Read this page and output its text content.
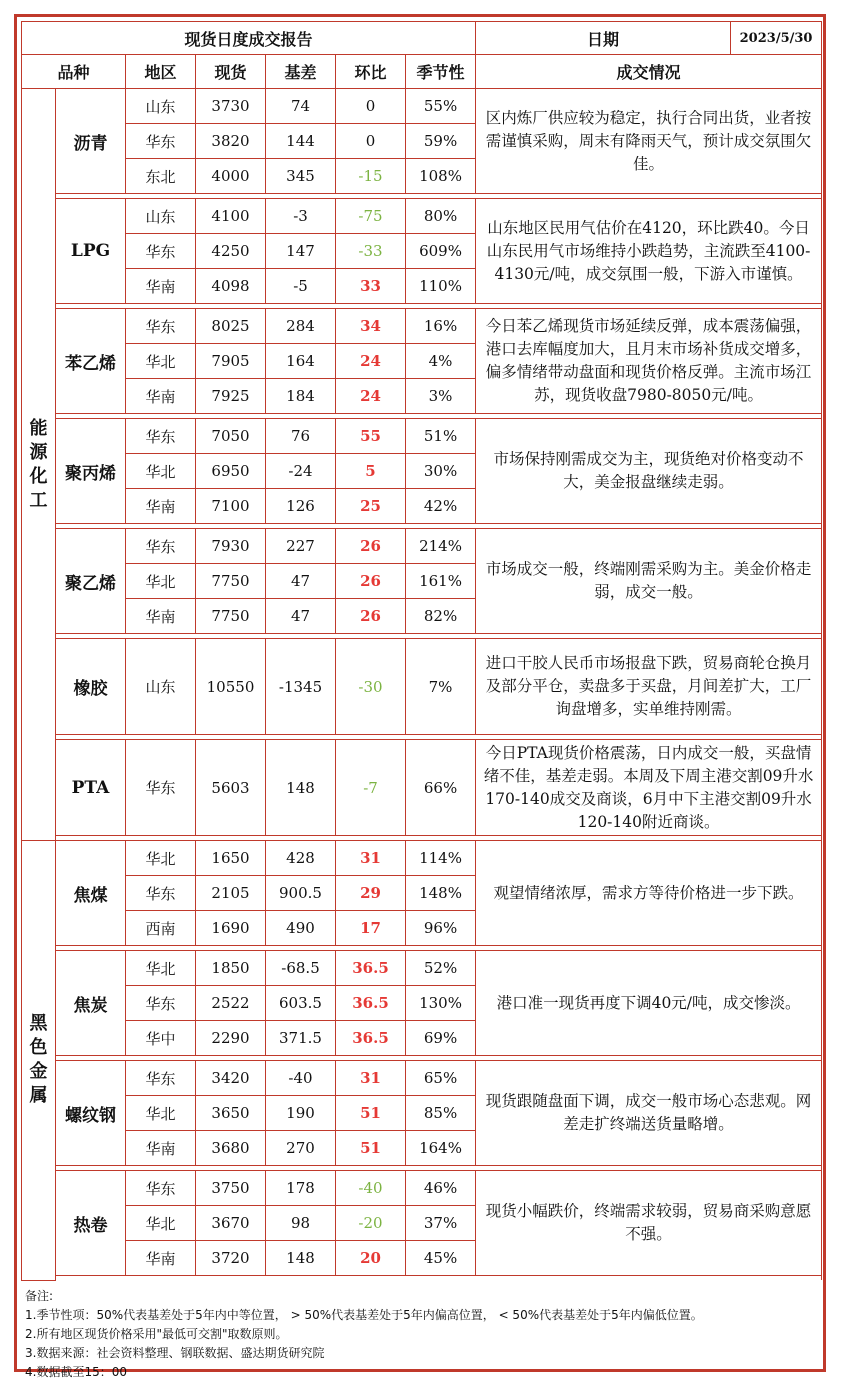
现货日度成交报告							日期 2023/5/30

品种		地区	现货	基差	环比	季节性	成交情况

能
源
化
工	沥青	山东	3730	74	0	55%	区内炼厂供应较为稳定，执行合同出货，业者按需谨慎采购，周末有降雨天气，预计成交氛围欠佳。
		华东	3820	144	0	59%	
		东北	4000	345	-15	108%	

	LPG	山东	4100	-3	-75	80%	山东地区民用气估价在4120，环比跌40。今日山东民用气市场维持小跌趋势，主流跌至4100-4130元/吨，成交氛围一般，下游入市谨慎。
		华东	4250	147	-33	609%	
		华南	4098	-5	33	110%	

	苯乙烯	华东	8025	284	34	16%	今日苯乙烯现货市场延续反弹，成本震荡偏强，港口去库幅度加大，且月末市场补货成交增多，偏多情绪带动盘面和现货价格反弹。主流市场江苏，现货收盘7980-8050元/吨。
		华北	7905	164	24	4%	
		华南	7925	184	24	3%	

	聚丙烯	华东	7050	76	55	51%	市场保持刚需成交为主，现货绝对价格变动不大，美金报盘继续走弱。
		华北	6950	-24	5	30%	
		华南	7100	126	25	42%	

	聚乙烯	华东	7930	227	26	214%	市场成交一般，终端刚需采购为主。美金价格走弱，成交一般。
		华北	7750	47	26	161%	
		华南	7750	47	26	82%	

	橡胶	山东	10550	-1345	-30	7%	进口干胶人民币市场报盘下跌，贸易商轮仓换月及部分平仓，卖盘多于买盘，月间差扩大，工厂询盘增多，实单维持刚需。

	PTA	华东	5603	148	-7	66%	今日PTA现货价格震荡，日内成交一般，买盘情绪不佳，基差走弱。本周及下周主港交割09升水170-140成交及商谈，6月中下主港交割09升水120-140附近商谈。

黑
色
金
属	焦煤	华北	1650	428	31	114%	观望情绪浓厚，需求方等待价格进一步下跌。
		华东	2105	900.5	29	148%	
		西南	1690	490	17	96%	

	焦炭	华北	1850	-68.5	36.5	52%	港口准一现货再度下调40元/吨，成交惨淡。
		华东	2522	603.5	36.5	130%	
		华中	2290	371.5	36.5	69%	

	螺纹钢	华东	3420	-40	31	65%	现货跟随盘面下调，成交一般市场心态悲观。网差走扩终端送货量略增。
		华北	3650	190	51	85%	
		华南	3680	270	51	164%	

	热卷	华东	3750	178	-40	46%	现货小幅跌价，终端需求较弱，贸易商采购意愿不强。
		华北	3670	98	-20	37%	
		华南	3720	148	20	45%	

备注:
1.季节性项：50%代表基差处于5年内中等位置， > 50%代表基差处于5年内偏高位置， < 50%代表基差处于5年内偏低位置。
2.所有地区现货价格采用"最低可交割"取数原则。
3.数据来源：社会资料整理、钢联数据、盛达期货研究院
4.数据截至15：00
